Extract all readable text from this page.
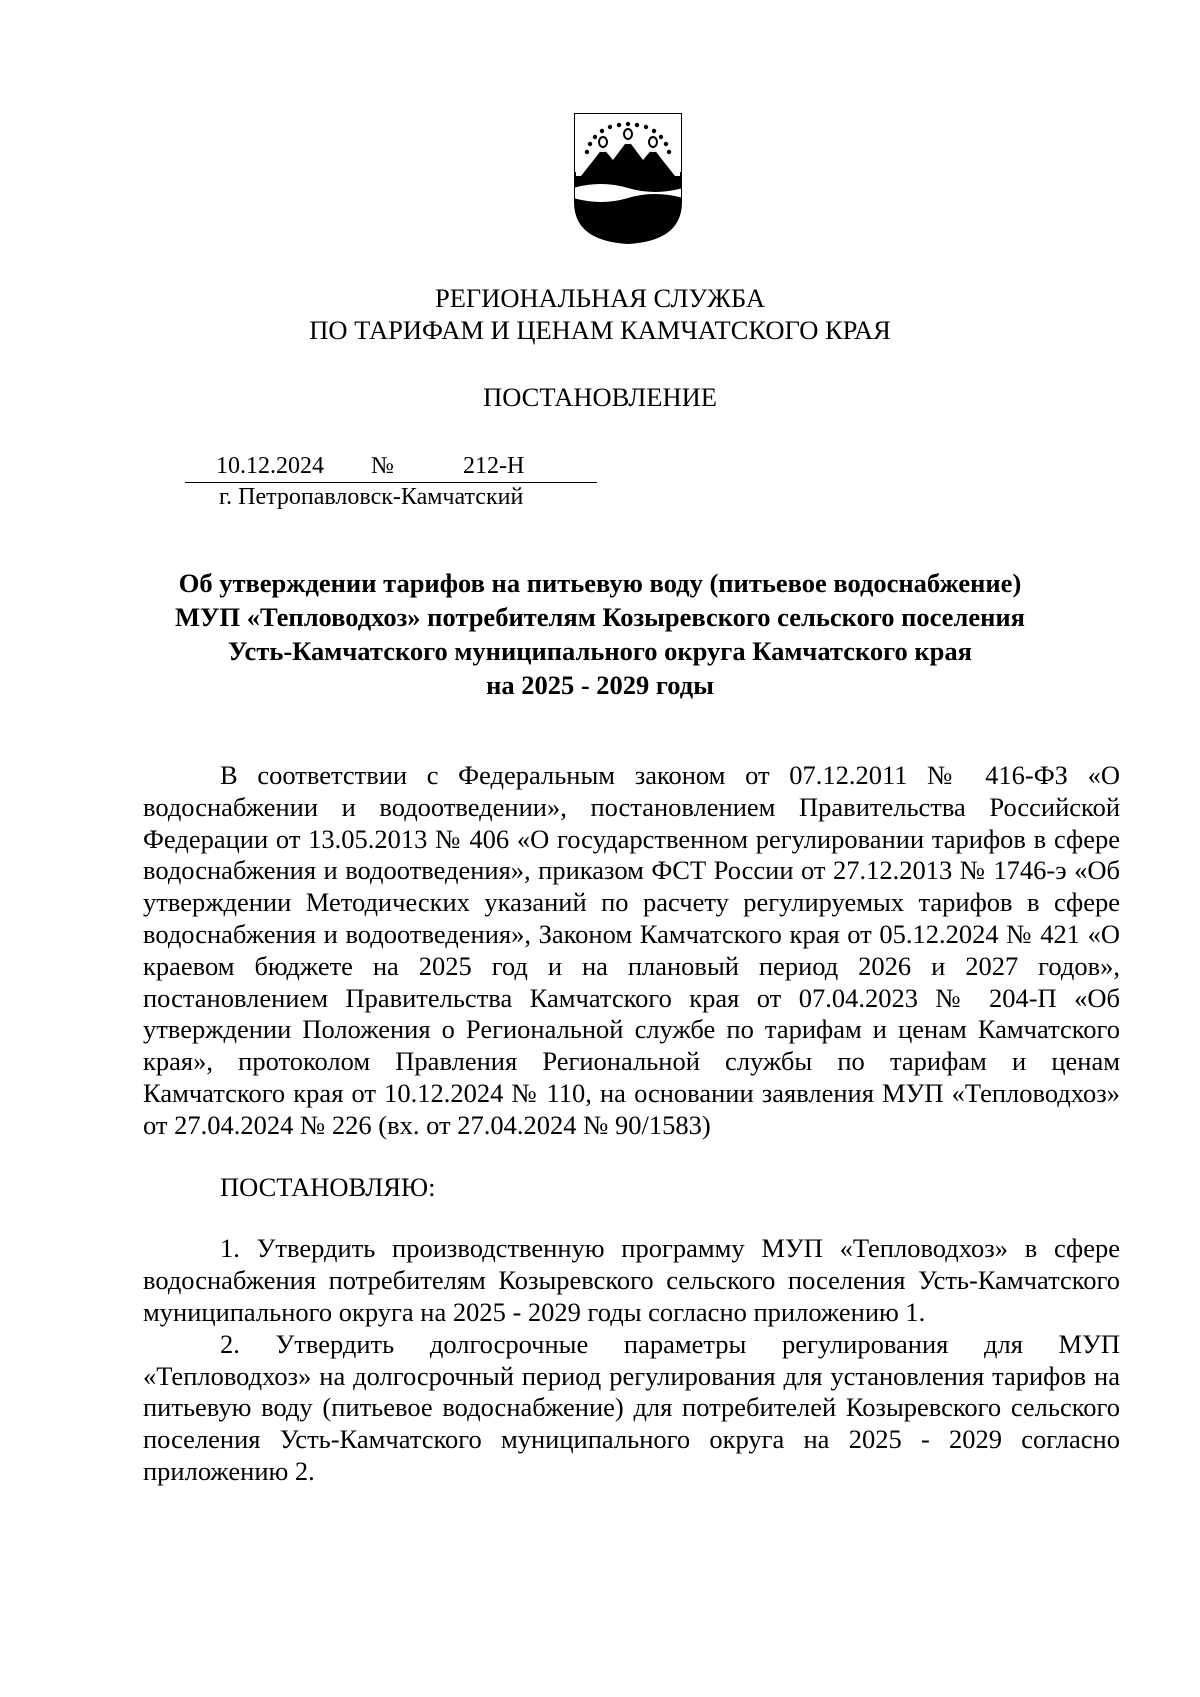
РЕГИОНАЛЬНАЯ СЛУЖБА
ПО ТАРИФАМ И ЦЕНАМ КАМЧАТСКОГО КРАЯ
ПОСТАНОВЛЕНИЕ
10.12.2024 №	212-Н
г. Петропавловск-Камчатский
Об утверждении тарифов на питьевую воду (питьевое водоснабжение)
МУП «Тепловодхоз» потребителям Козыревского сельского поселения
Усть-Камчатского муниципального округа Камчатского края
на 2025 - 2029 годы

В соответствии с Федеральным законом от 07.12.2011 № 416-ФЗ «О водоснабжении и водоотведении», постановлением Правительства Российской Федерации от 13.05.2013 № 406 «О государственном регулировании тарифов в сфере водоснабжения и водоотведения», приказом ФСТ России от 27.12.2013 № 1746-э «Об утверждении Методических указаний по расчету регулируемых тарифов в сфере водоснабжения и водоотведения», Законом Камчатского края от 05.12.2024 № 421 «О краевом бюджете на 2025 год и на плановый период 2026 и 2027 годов», постановлением Правительства Камчатского края от 07.04.2023 № 204-П «Об утверждении Положения о Региональной службе по тарифам и ценам Камчатского края», протоколом Правления Региональной службы по тарифам и ценам Камчатского края от 10.12.2024 № 110, на основании заявления МУП «Тепловодхоз» от 27.04.2024 № 226 (вх. от 27.04.2024 № 90/1583)

ПОСТАНОВЛЯЮ:

1. Утвердить производственную программу МУП «Тепловодхоз» в сфере водоснабжения потребителям Козыревского сельского поселения Усть-Камчатского муниципального округа на 2025 - 2029 годы согласно приложению 1.

2. Утвердить долгосрочные параметры регулирования для МУП «Тепловодхоз» на долгосрочный период регулирования для установления тарифов на питьевую воду (питьевое водоснабжение) для потребителей Козыревского сельского поселения Усть-Камчатского муниципального округа на 2025 - 2029 согласно приложению 2.
